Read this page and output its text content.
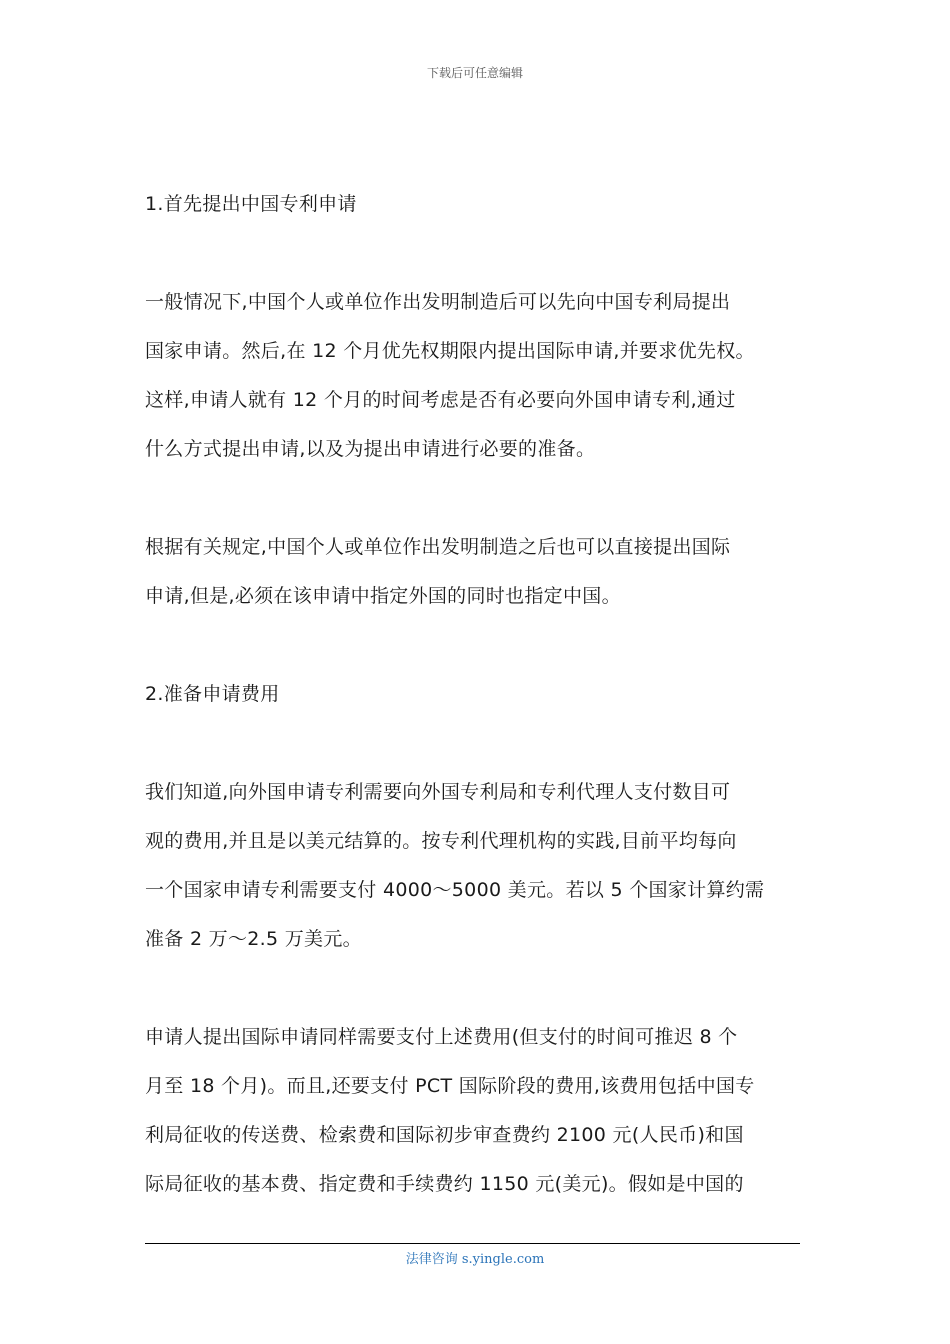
下载后可任意编辑
1.首先提出中国专利申请
一般情况下,中国个人或单位作出发明制造后可以先向中国专利局提出
国家申请。然后,在 12 个月优先权期限内提出国际申请,并要求优先权。
这样,申请人就有 12 个月的时间考虑是否有必要向外国申请专利,通过
什么方式提出申请,以及为提出申请进行必要的准备。
根据有关规定,中国个人或单位作出发明制造之后也可以直接提出国际
申请,但是,必须在该申请中指定外国的同时也指定中国。
2.准备申请费用
我们知道,向外国申请专利需要向外国专利局和专利代理人支付数目可
观的费用,并且是以美元结算的。按专利代理机构的实践,目前平均每向
一个国家申请专利需要支付 4000～5000 美元。若以 5 个国家计算约需
准备 2 万～2.5 万美元。
申请人提出国际申请同样需要支付上述费用(但支付的时间可推迟 8 个
月至 18 个月)。而且,还要支付 PCT 国际阶段的费用,该费用包括中国专
利局征收的传送费、检索费和国际初步审查费约 2100 元(人民币)和国
际局征收的基本费、指定费和手续费约 1150 元(美元)。假如是中国的
法律咨询 s.yingle.com
